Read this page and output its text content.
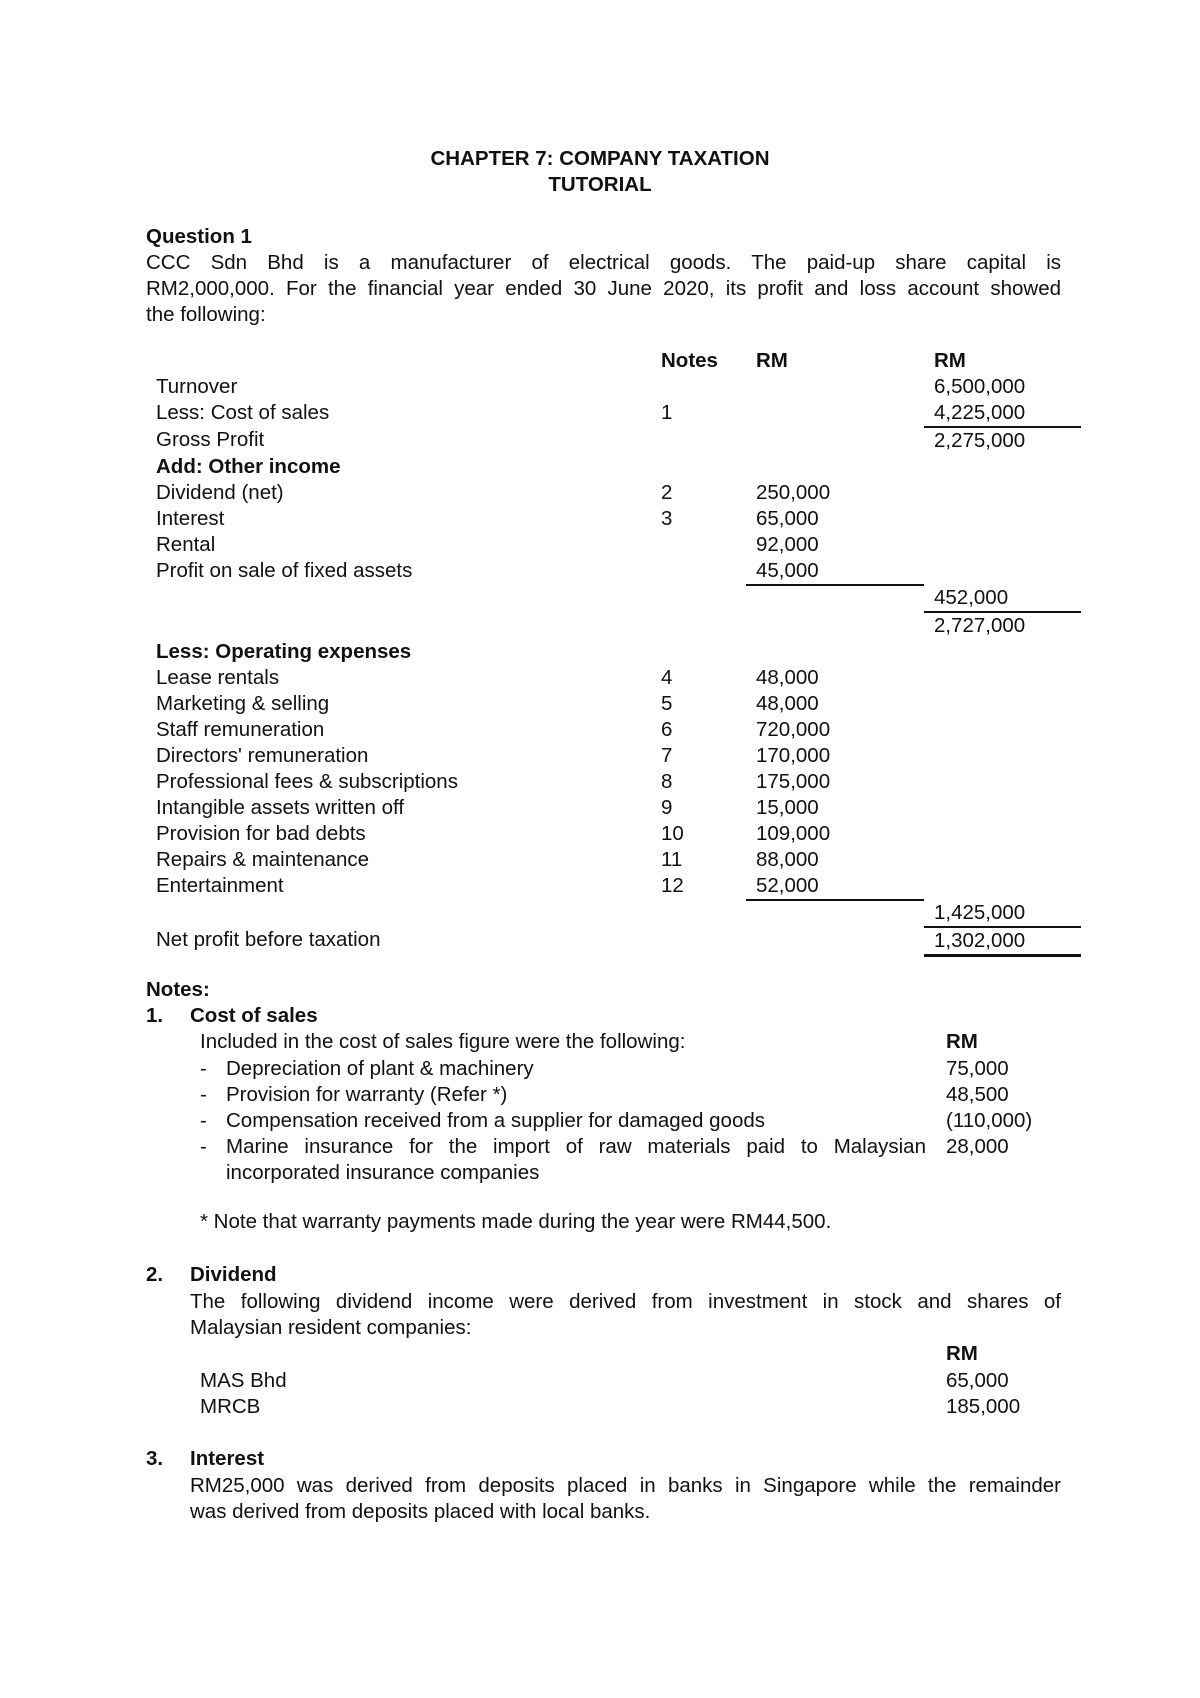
CHAPTER 7: COMPANY TAXATION
TUTORIAL
Question 1
CCC Sdn Bhd is a manufacturer of electrical goods. The paid-up share capital is
RM2,000,000. For the financial year ended 30 June 2020, its profit and loss account showed
the following:
	Notes	RM	RM
Turnover			6,500,000
Less: Cost of sales	1		4,225,000
Gross Profit			2,275,000
Add: Other income			
Dividend (net)	2	250,000	
Interest	3	65,000	
Rental		92,000	
Profit on sale of fixed assets		45,000	
			452,000
			2,727,000
Less: Operating expenses			
Lease rentals	4	48,000	
Marketing & selling	5	48,000	
Staff remuneration	6	720,000	
Directors' remuneration	7	170,000	
Professional fees & subscriptions	8	175,000	
Intangible assets written off	9	15,000	
Provision for bad debts	10	109,000	
Repairs & maintenance	11	88,000	
Entertainment	12	52,000	
			1,425,000
Net profit before taxation			1,302,000
Notes:
1. Cost of sales
Included in the cost of sales figure were the following:	RM
- Depreciation of plant & machinery	75,000
- Provision for warranty (Refer *)	48,500
- Compensation received from a supplier for damaged goods	(110,000)
- Marine insurance for the import of raw materials paid to Malaysian 28,000
incorporated insurance companies
* Note that warranty payments made during the year were RM44,500.
2. Dividend
The following dividend income were derived from investment in stock and shares of
Malaysian resident companies:
RM
MAS Bhd	65,000
MRCB	185,000
3. Interest
RM25,000 was derived from deposits placed in banks in Singapore while the remainder
was derived from deposits placed with local banks.
